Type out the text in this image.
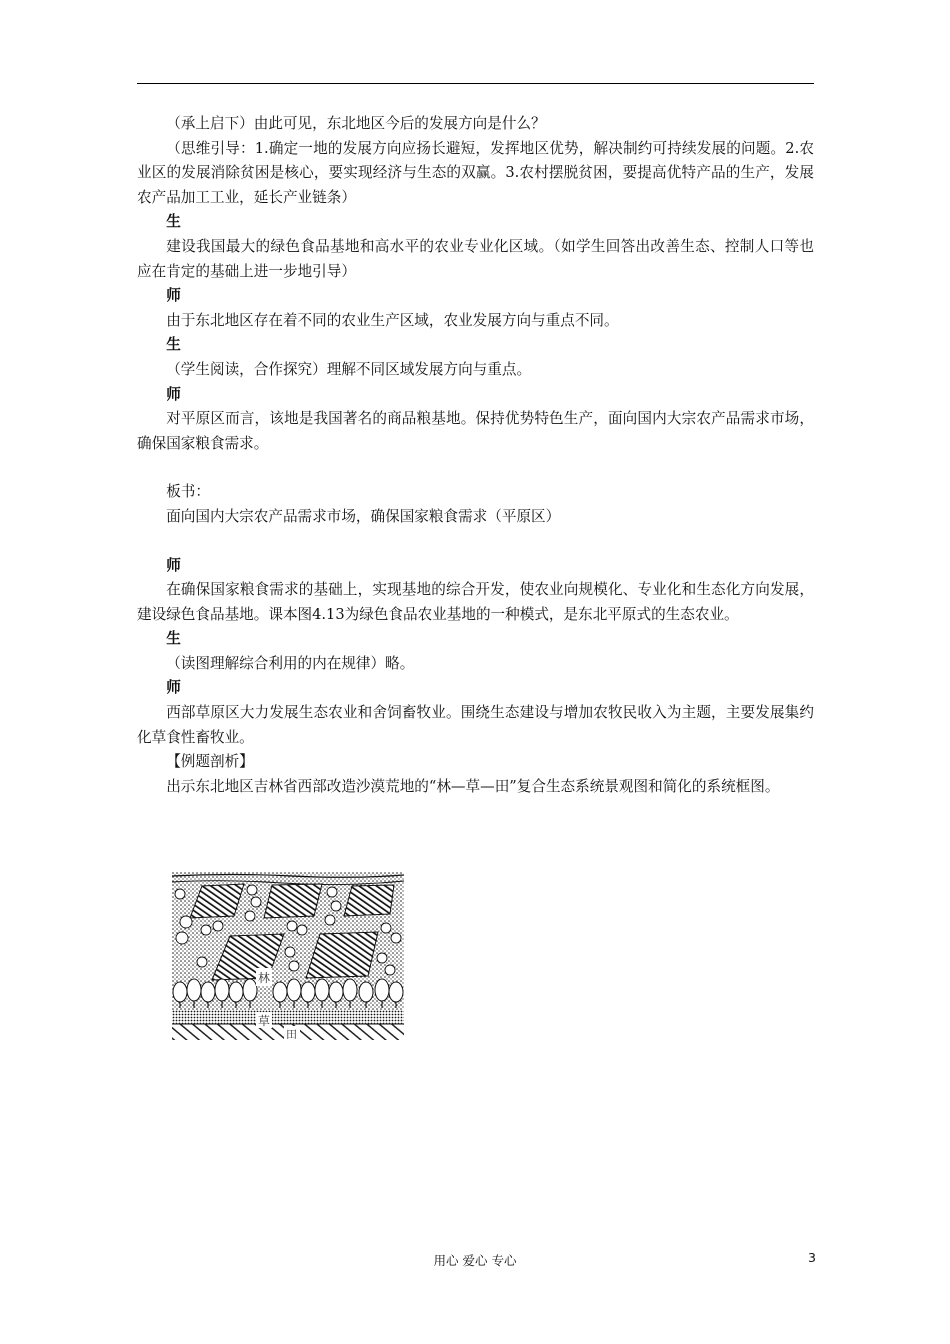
（承上启下）由此可见，东北地区今后的发展方向是什么？
（思维引导：1.确定一地的发展方向应扬长避短，发挥地区优势，解决制约可持续发展的问题。2.农业区的发展消除贫困是核心，要实现经济与生态的双赢。3.农村摆脱贫困，要提高优特产品的生产，发展农产品加工工业，延长产业链条）
生
建设我国最大的绿色食品基地和高水平的农业专业化区域。（如学生回答出改善生态、控制人口等也应在肯定的基础上进一步地引导）
师
由于东北地区存在着不同的农业生产区域，农业发展方向与重点不同。
生
（学生阅读，合作探究）理解不同区域发展方向与重点。
师
对平原区而言，该地是我国著名的商品粮基地。保持优势特色生产，面向国内大宗农产品需求市场，确保国家粮食需求。
板书：
面向国内大宗农产品需求市场，确保国家粮食需求（平原区）
师
在确保国家粮食需求的基础上，实现基地的综合开发，使农业向规模化、专业化和生态化方向发展，建设绿色食品基地。课本图4.13为绿色食品农业基地的一种模式，是东北平原式的生态农业。
生
（读图理解综合利用的内在规律）略。
师
西部草原区大力发展生态农业和舍饲畜牧业。围绕生态建设与增加农牧民收入为主题，主要发展集约化草食性畜牧业。
【例题剖析】
出示东北地区吉林省西部改造沙漠荒地的“林—草—田”复合生态系统景观图和简化的系统框图。
林
草
田
用心 爱心 专心	3
